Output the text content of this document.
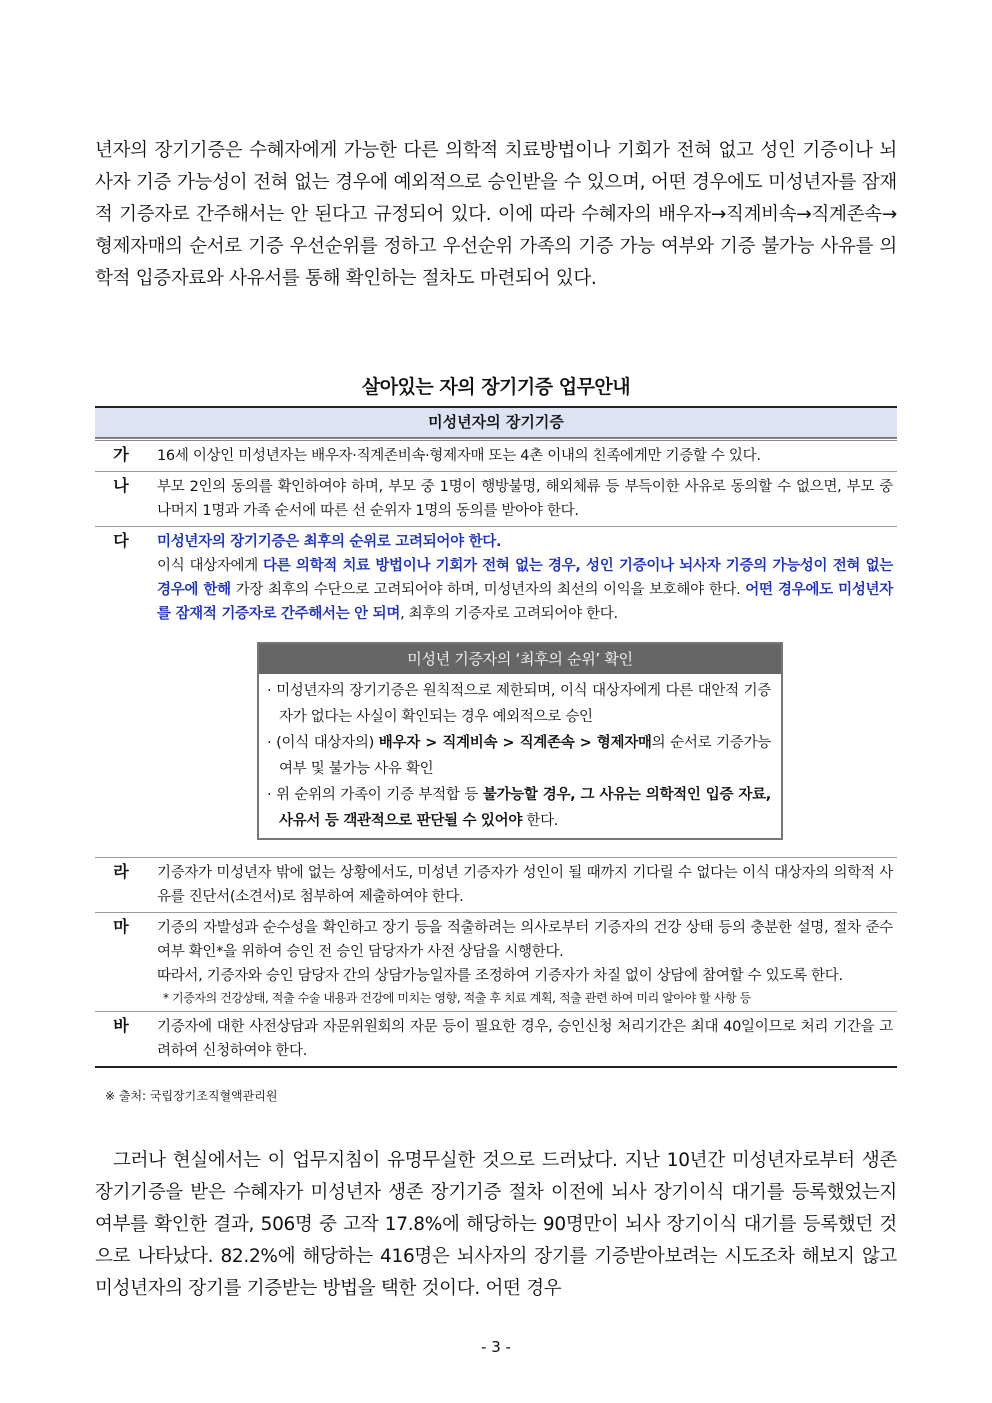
년자의 장기기증은 수혜자에게 가능한 다른 의학적 치료방법이나 기회가 전혀 없고 성인 기증이나 뇌사자 기증 가능성이 전혀 없는 경우에 예외적으로 승인받을 수 있으며, 어떤 경우에도 미성년자를 잠재적 기증자로 간주해서는 안 된다고 규정되어 있다. 이에 따라 수혜자의 배우자→직계비속→직계존속→형제자매의 순서로 기증 우선순위를 정하고 우선순위 가족의 기증 가능 여부와 기증 불가능 사유를 의학적 입증자료와 사유서를 통해 확인하는 절차도 마련되어 있다.
살아있는 자의 장기기증 업무안내
미성년자의 장기기증
가	16세 이상인 미성년자는 배우자·직계존비속·형제자매 또는 4촌 이내의 친족에게만 기증할 수 있다.
나	부모 2인의 동의를 확인하여야 하며, 부모 중 1명이 행방불명, 해외체류 등 부득이한 사유로 동의할 수 없으면, 부모 중 나머지 1명과 가족 순서에 따른 선 순위자 1명의 동의를 받아야 한다.
다	미성년자의 장기기증은 최후의 순위로 고려되어야 한다.
이식 대상자에게 다른 의학적 치료 방법이나 기회가 전혀 없는 경우, 성인 기증이나 뇌사자 기증의 가능성이 전혀 없는 경우에 한해 가장 최후의 수단으로 고려되어야 하며, 미성년자의 최선의 이익을 보호해야 한다. 어떤 경우에도 미성년자를 잠재적 기증자로 간주해서는 안 되며, 최후의 기증자로 고려되어야 한다.
미성년 기증자의 ‘최후의 순위’ 확인
· 미성년자의 장기기증은 원칙적으로 제한되며, 이식 대상자에게 다른 대안적 기증자가 없다는 사실이 확인되는 경우 예외적으로 승인
· (이식 대상자의) 배우자 > 직계비속 > 직계존속 > 형제자매의 순서로 기증가능 여부 및 불가능 사유 확인
· 위 순위의 가족이 기증 부적합 등 불가능할 경우, 그 사유는 의학적인 입증 자료, 사유서 등 객관적으로 판단될 수 있어야 한다.
라	기증자가 미성년자 밖에 없는 상황에서도, 미성년 기증자가 성인이 될 때까지 기다릴 수 없다는 이식 대상자의 의학적 사유를 진단서(소견서)로 첨부하여 제출하여야 한다.
마	기증의 자발성과 순수성을 확인하고 장기 등을 적출하려는 의사로부터 기증자의 건강 상태 등의 충분한 설명, 절차 준수여부 확인*을 위하여 승인 전 승인 담당자가 사전 상담을 시행한다.
따라서, 기증자와 승인 담당자 간의 상담가능일자를 조정하여 기증자가 차질 없이 상담에 참여할 수 있도록 한다.
* 기증자의 건강상태, 적출 수술 내용과 건강에 미치는 영향, 적출 후 치료 계획, 적출 관련 하여 미리 알아야 할 사항 등
바	기증자에 대한 사전상담과 자문위원회의 자문 등이 필요한 경우, 승인신청 처리기간은 최대 40일이므로 처리 기간을 고려하여 신청하여야 한다.
※ 출처: 국립장기조직혈액관리원
그러나 현실에서는 이 업무지침이 유명무실한 것으로 드러났다. 지난 10년간 미성년자로부터 생존 장기기증을 받은 수혜자가 미성년자 생존 장기기증 절차 이전에 뇌사 장기이식 대기를 등록했었는지 여부를 확인한 결과, 506명 중 고작 17.8%에 해당하는 90명만이 뇌사 장기이식 대기를 등록했던 것으로 나타났다. 82.2%에 해당하는 416명은 뇌사자의 장기를 기증받아보려는 시도조차 해보지 않고 미성년자의 장기를 기증받는 방법을 택한 것이다. 어떤 경우
- 3 -
